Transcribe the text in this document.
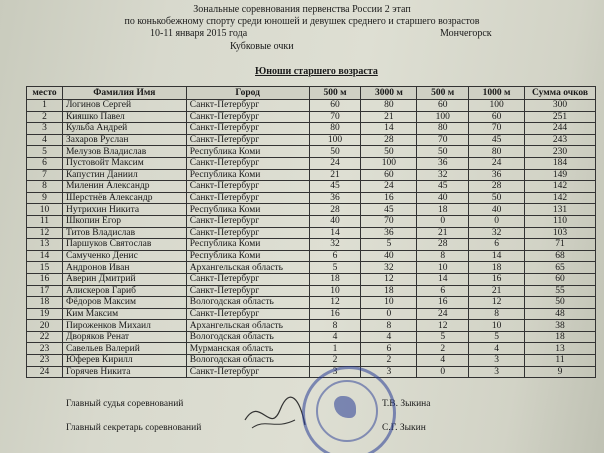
Зональные соревнования первенства России 2 этап
по конькобежному спорту среди юношей и девушек среднего и старшего возрастов
10-11 января 2015 года	Мончегорск
Кубковые очки
Юноши старшего возраста
место	Фамилия Имя	Город	500 м	3000 м	500 м	1000 м	Сумма очков
1	Логинов Сергей	Санкт-Петербург	60	80	60	100	300
2	Кияшко Павел	Санкт-Петербург	70	21	100	60	251
3	Кульба Андрей	Санкт-Петербург	80	14	80	70	244
4	Захаров Руслан	Санкт-Петербург	100	28	70	45	243
5	Мелузов Владислав	Республика Коми	50	50	50	80	230
6	Пустовойт Максим	Санкт-Петербург	24	100	36	24	184
7	Капустин Даниил	Республика Коми	21	60	32	36	149
8	Миленин Александр	Санкт-Петербург	45	24	45	28	142
9	Шерстнёв Александр	Санкт-Петербург	36	16	40	50	142
10	Нутрихин Никита	Республика Коми	28	45	18	40	131
11	Шкопин Егор	Санкт-Петербург	40	70	0	0	110
12	Титов Владислав	Санкт-Петербург	14	36	21	32	103
13	Паршуков Святослав	Республика Коми	32	5	28	6	71
14	Самученко Денис	Республика Коми	6	40	8	14	68
15	Андронов Иван	Архангельская область	5	32	10	18	65
16	Аверин Дмитрий	Санкт-Петербург	18	12	14	16	60
17	Алискеров Гариб	Санкт-Петербург	10	18	6	21	55
18	Фёдоров Максим	Вологодская область	12	10	16	12	50
19	Ким Максим	Санкт-Петербург	16	0	24	8	48
20	Пироженков Михаил	Архангельская область	8	8	12	10	38
22	Дворяков Ренат	Вологодская область	4	4	5	5	18
23	Савельев Валерий	Мурманская область	1	6	2	4	13
23	Юферев Кирилл	Вологодская область	2	2	4	3	11
24	Горячев Никита	Санкт-Петербург	3	3	0	3	9
Главный судья соревнований	Т.В. Зыкина
Главный секретарь соревнований	С.Г. Зыкин
